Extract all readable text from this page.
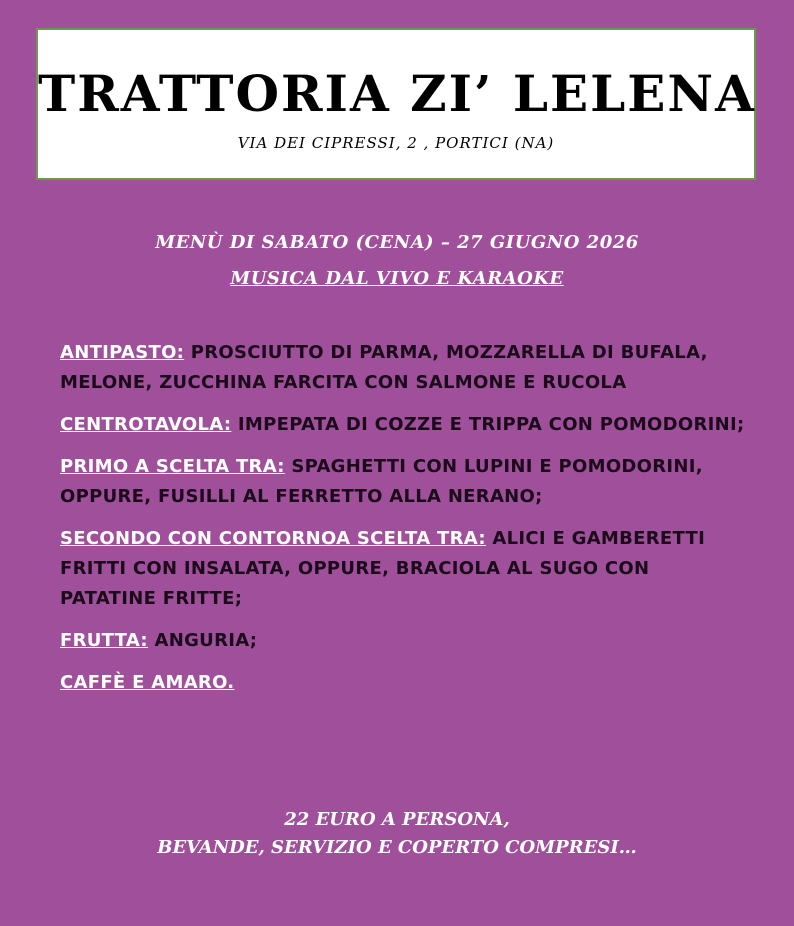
TRATTORIA ZI’ LELENA
VIA DEI CIPRESSI, 2 , PORTICI (NA)
MENÙ DI SABATO (CENA) – 27 GIUGNO 2026
MUSICA DAL VIVO E KARAOKE
ANTIPASTO: PROSCIUTTO DI PARMA, MOZZARELLA DI BUFALA, MELONE, ZUCCHINA FARCITA CON SALMONE E RUCOLA
CENTROTAVOLA: IMPEPATA DI COZZE E TRIPPA CON POMODORINI;
PRIMO A SCELTA TRA: SPAGHETTI CON LUPINI E POMODORINI, OPPURE, FUSILLI AL FERRETTO ALLA NERANO;
SECONDO CON CONTORNOA SCELTA TRA: ALICI E GAMBERETTI FRITTI CON INSALATA, OPPURE, BRACIOLA AL SUGO CON PATATINE FRITTE;
FRUTTA: ANGURIA;
CAFFÈ E AMARO.
22 EURO A PERSONA,
BEVANDE, SERVIZIO E COPERTO COMPRESI…
